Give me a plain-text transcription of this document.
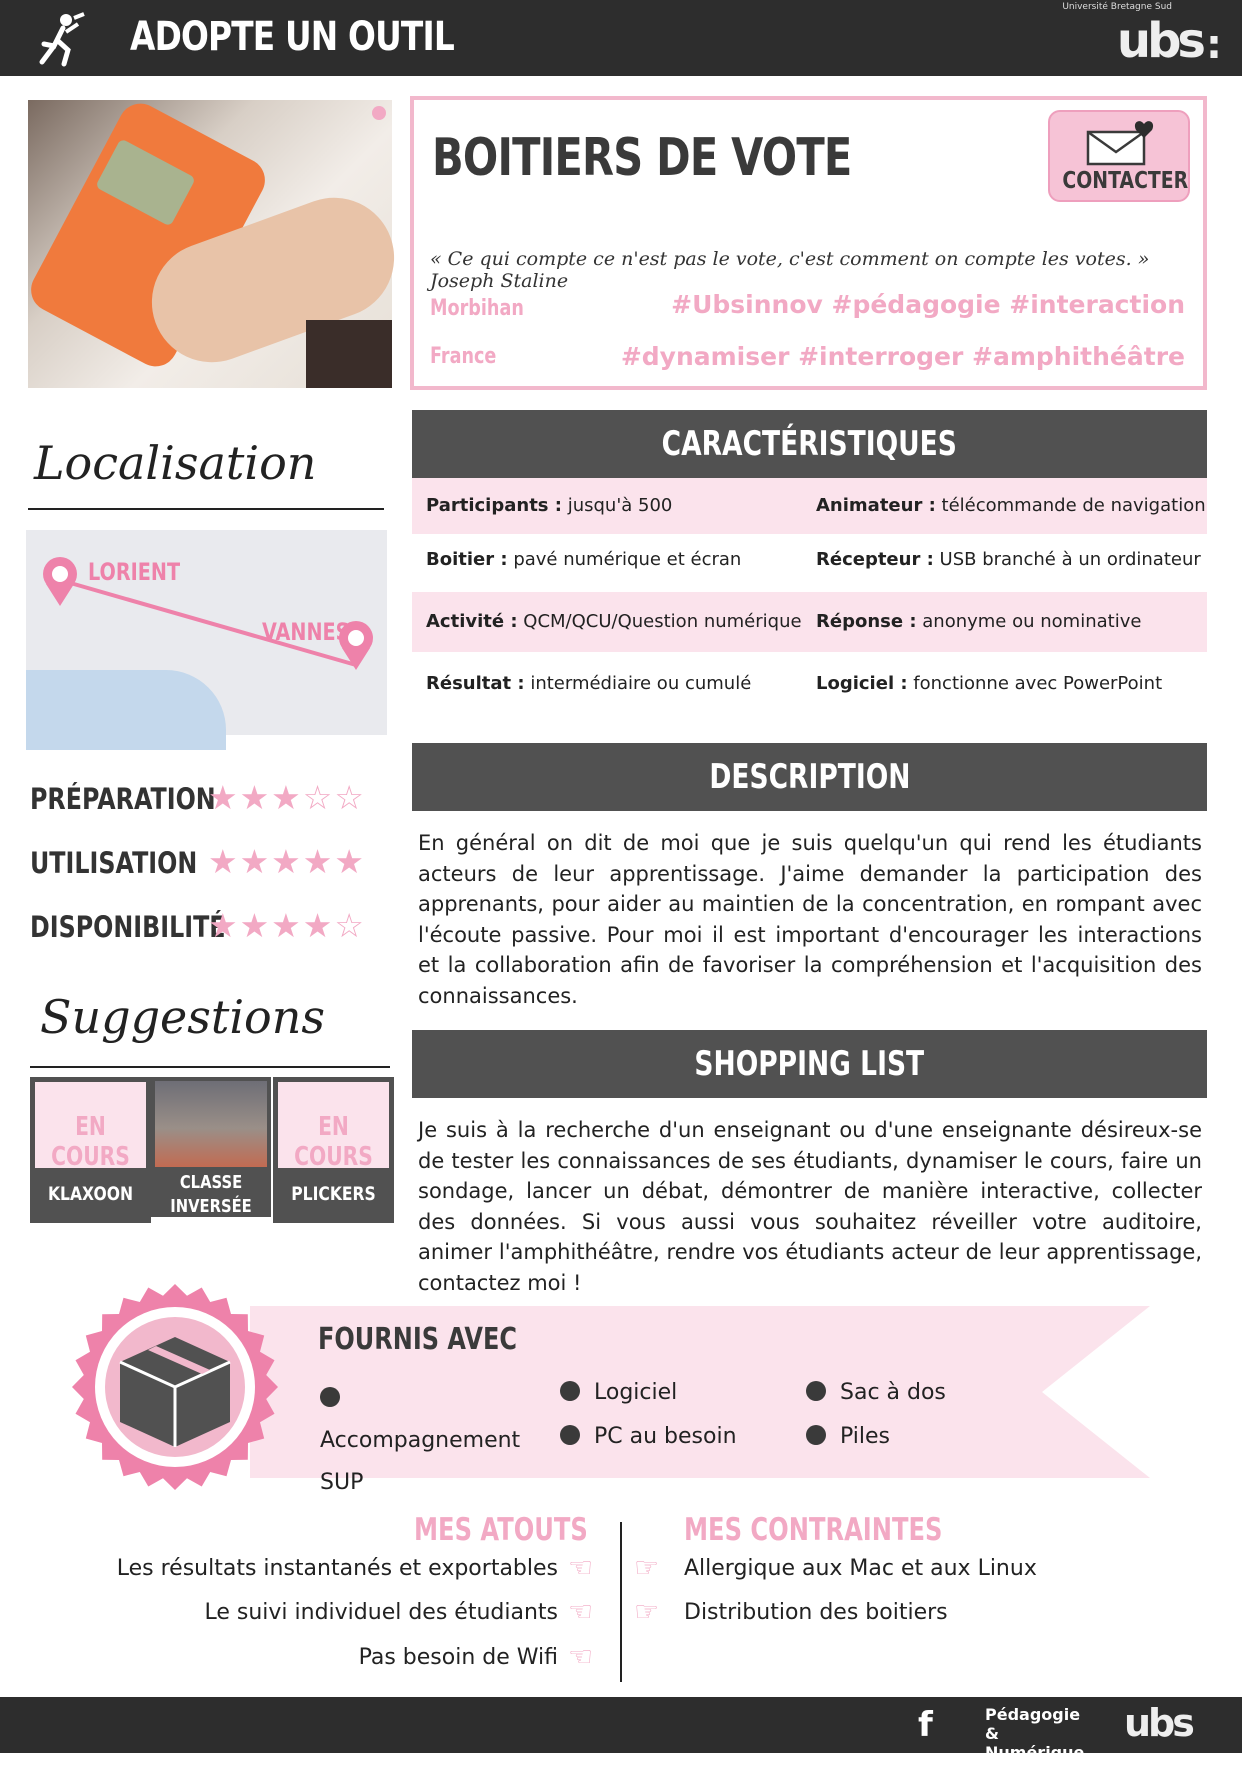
ADOPTE UN OUTIL
Université Bretagne Sud
ubs :
BOITIERS DE VOTE	CONTACTER
« Ce qui compte ce n'est pas le vote, c'est comment on compte les votes. » Joseph Staline
Morbihan
France
#Ubsinnov #pédagogie #interaction
#dynamiser #interroger #amphithéâtre
CARACTÉRISTIQUES
Participants : jusqu'à 500	Animateur : télécommande de navigation
Boitier : pavé numérique et écran	Récepteur : USB branché à un ordinateur
Activité : QCM/QCU/Question numérique Réponse : anonyme ou nominative
Résultat : intermédiaire ou cumulé	Logiciel : fonctionne avec PowerPoint
DESCRIPTION
En général on dit de moi que je suis quelqu'un qui rend les étudiants acteurs de leur apprentissage. J'aime demander la participation des apprenants, pour aider au maintien de la concentration, en rompant avec l'écoute passive. Pour moi il est important d'encourager les interactions et la collaboration afin de favoriser la compréhension et l'acquisition des connaissances.
SHOPPING LIST
Je suis à la recherche d'un enseignant ou d'une enseignante désireux-se de tester les connaissances de ses étudiants, dynamiser le cours, faire un sondage, lancer un débat, démontrer de manière interactive, collecter des données. Si vous aussi vous souhaitez réveiller votre auditoire, animer l'amphithéâtre, rendre vos étudiants acteur de leur apprentissage, contactez moi !
Localisation
LORIENT
VANNES
PRÉPARATION
★★★☆☆
UTILISATION ★★★★★
DISPONIBILITÉ
★★★★☆
Suggestions
EN COURS
KLAXOON
CLASSE INVERSÉE
EN COURS
PLICKERS
FOURNIS AVEC
Accompagnement SUP
Logiciel	Sac à dos
PC au besoin	Piles
MES ATOUTS	MES CONTRAINTES
Les résultats instantanés et exportables ☜
Le suivi individuel des étudiants ☜
Pas besoin de Wifi ☜
☞ Allergique aux Mac et aux Linux
☞ Distribution des boitiers
f	Pédagogie & Numérique :
ubs
